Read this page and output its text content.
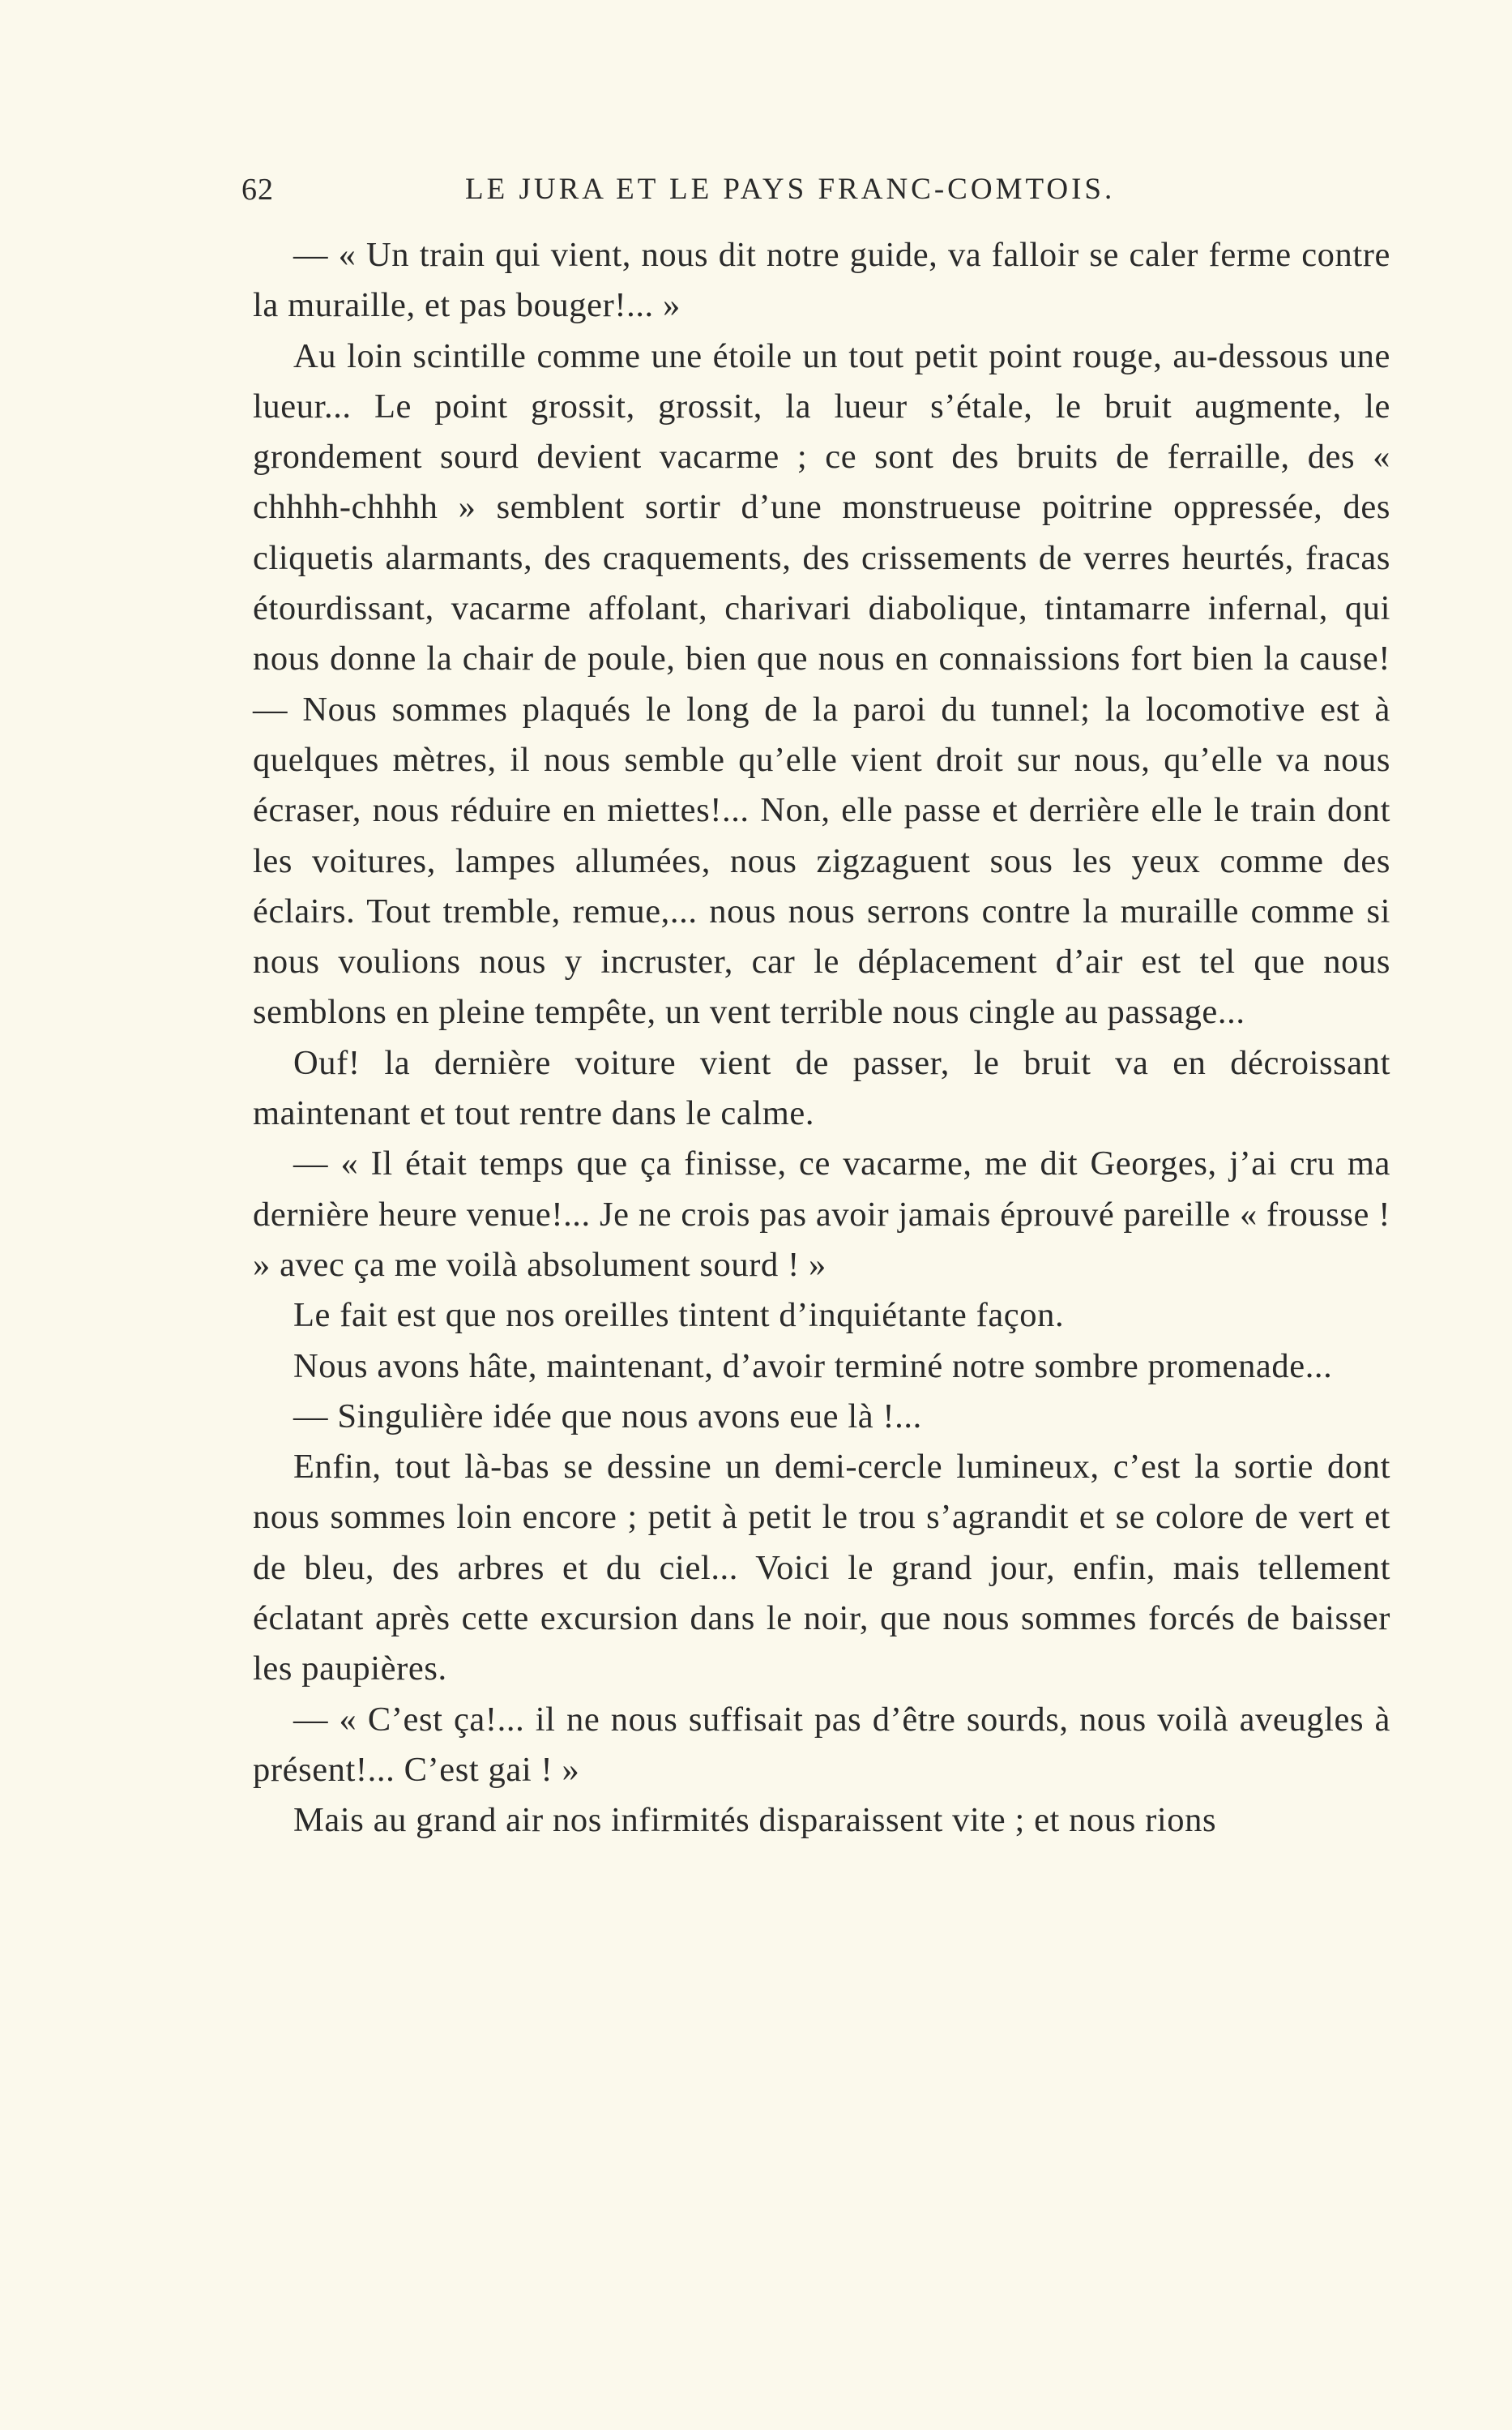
62	LE JURA ET LE PAYS FRANC-COMTOIS.

— « Un train qui vient, nous dit notre guide, va falloir se caler ferme contre la muraille, et pas bouger!... »

Au loin scintille comme une étoile un tout petit point rouge, au-dessous une lueur... Le point grossit, grossit, la lueur s’étale, le bruit augmente, le grondement sourd devient vacarme ; ce sont des bruits de ferraille, des « chhhh-chhhh » semblent sortir d’une monstrueuse poitrine oppressée, des cliquetis alarmants, des craquements, des crissements de verres heurtés, fracas étourdissant, vacarme affolant, charivari diabolique, tintamarre infernal, qui nous donne la chair de poule, bien que nous en connaissions fort bien la cause! — Nous sommes plaqués le long de la paroi du tunnel; la locomotive est à quelques mètres, il nous semble qu’elle vient droit sur nous, qu’elle va nous écraser, nous réduire en miettes!... Non, elle passe et derrière elle le train dont les voitures, lampes allumées, nous zigzaguent sous les yeux comme des éclairs. Tout tremble, remue,... nous nous serrons contre la muraille comme si nous voulions nous y incruster, car le déplacement d’air est tel que nous semblons en pleine tempête, un vent terrible nous cingle au passage...

Ouf! la dernière voiture vient de passer, le bruit va en décroissant maintenant et tout rentre dans le calme.

— « Il était temps que ça finisse, ce vacarme, me dit Georges, j’ai cru ma dernière heure venue!... Je ne crois pas avoir jamais éprouvé pareille « frousse ! » avec ça me voilà absolument sourd ! »

Le fait est que nos oreilles tintent d’inquiétante façon.

Nous avons hâte, maintenant, d’avoir terminé notre sombre promenade...

— Singulière idée que nous avons eue là !...

Enfin, tout là-bas se dessine un demi-cercle lumineux, c’est la sortie dont nous sommes loin encore ; petit à petit le trou s’agrandit et se colore de vert et de bleu, des arbres et du ciel... Voici le grand jour, enfin, mais tellement éclatant après cette excursion dans le noir, que nous sommes forcés de baisser les paupières.

— « C’est ça!... il ne nous suffisait pas d’être sourds, nous voilà aveugles à présent!... C’est gai ! »

Mais au grand air nos infirmités disparaissent vite ; et nous rions
